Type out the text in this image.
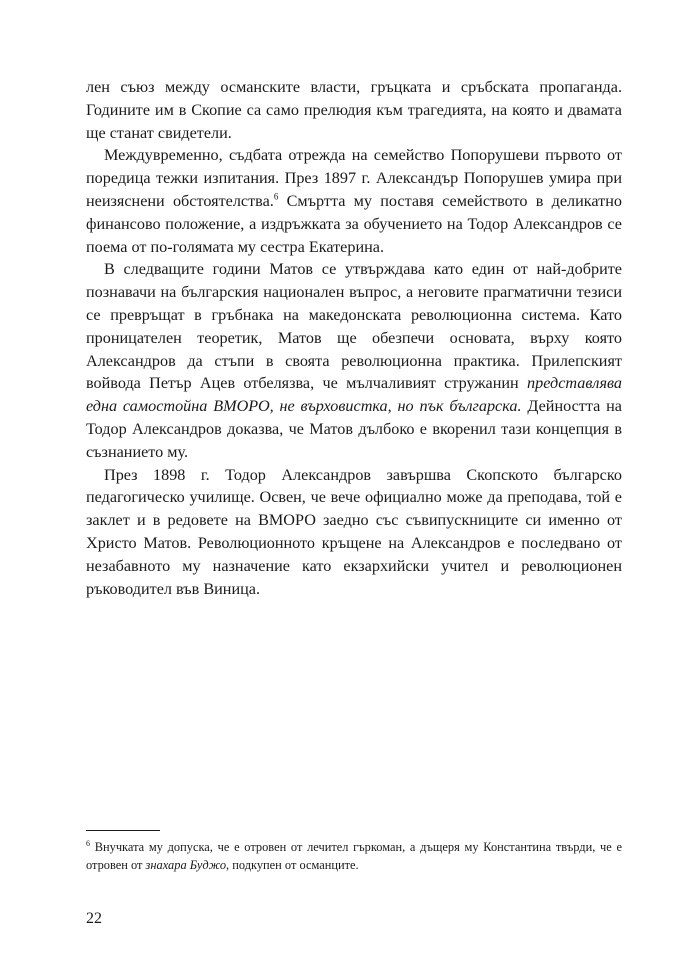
лен съюз между османските власти, гръцката и сръбската пропаганда. Годините им в Скопие са само прелюдия към трагедията, на която и двамата ще станат свидетели.

Междувременно, съдбата отрежда на семейство Попорушеви първото от поредица тежки изпитания. През 1897 г. Александър Попорушев умира при неизяснени обстоятелства.$^6$ Смъртта му поставя семейството в деликатно финансово положение, а издръжката за обучението на Тодор Александров се поема от по-голямата му сестра Екатерина.

В следващите години Матов се утвърждава като един от най-добрите познавачи на българския национален въпрос, а неговите прагматични тезиси се превръщат в гръбнака на македонската революционна система. Като проницателен теоретик, Матов ще обезпечи основата, върху която Александров да стъпи в своята революционна практика. Прилепският войвода Петър Ацев отбелязва, че мълчаливият стружанин представлява една самостойна ВМОРО, не върховистка, но пък българска. Дейността на Тодор Александров доказва, че Матов дълбоко е вкоренил тази концепция в съзнанието му.

През 1898 г. Тодор Александров завършва Скопското българско педагогическо училище. Освен, че вече официално може да преподава, той е заклет и в редовете на ВМОРО заедно със съвипускниците си именно от Христо Матов. Революционното кръщене на Александров е последвано от незабавното му назначение като екзархийски учител и революционен ръководител във Виница.

$^6$ Внучката му допуска, че е отровен от лечител гъркоман, а дъщеря му Константина твърди, че е отровен от знахара Буджо, подкупен от османците.

22
